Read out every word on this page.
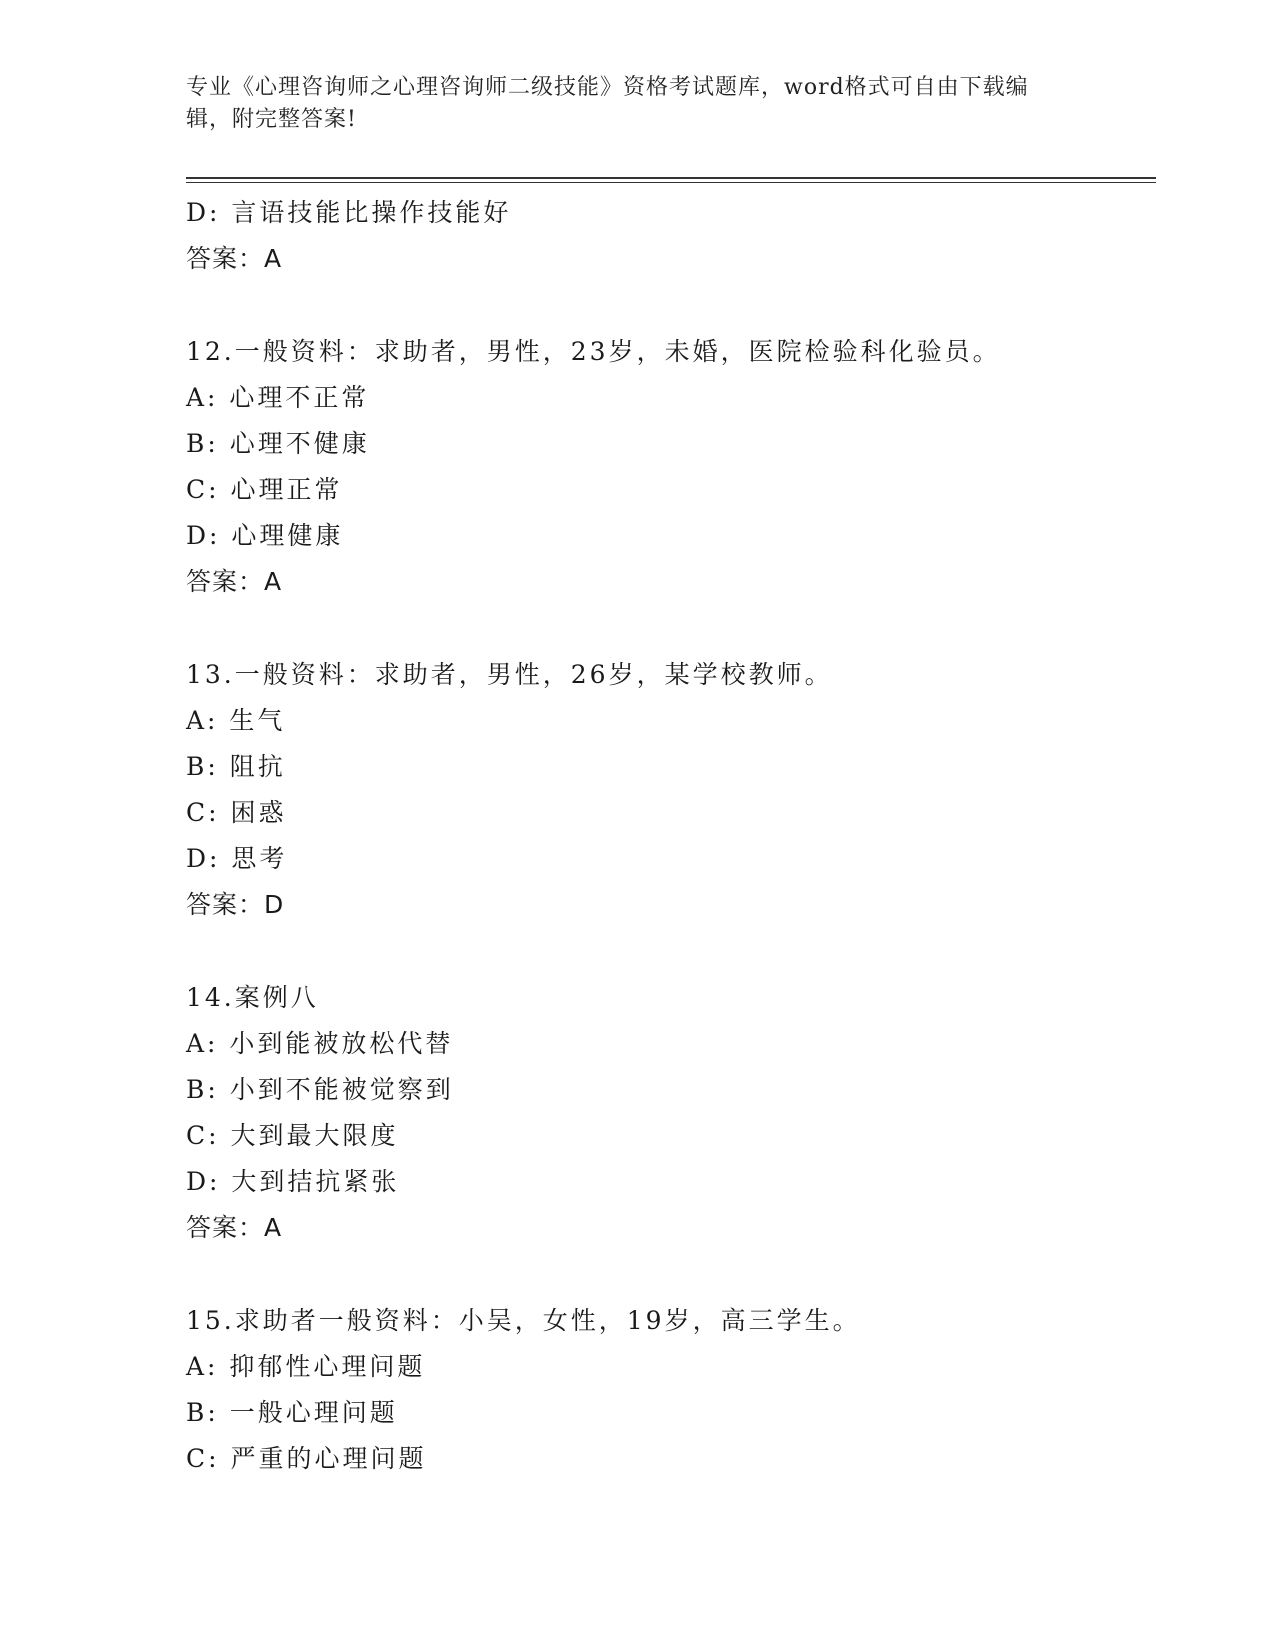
专业《心理咨询师之心理咨询师二级技能》资格考试题库，word格式可自由下载编辑，附完整答案!
D: 言语技能比操作技能好
答案：A
12.一般资料：求助者，男性，23岁，未婚，医院检验科化验员。
A: 心理不正常
B: 心理不健康
C: 心理正常
D: 心理健康
答案：A
13.一般资料：求助者，男性，26岁，某学校教师。
A: 生气
B: 阻抗
C: 困惑
D: 思考
答案：D
14.案例八
A: 小到能被放松代替
B: 小到不能被觉察到
C: 大到最大限度
D: 大到拮抗紧张
答案：A
15.求助者一般资料：小吴，女性，19岁，高三学生。
A: 抑郁性心理问题
B: 一般心理问题
C: 严重的心理问题
